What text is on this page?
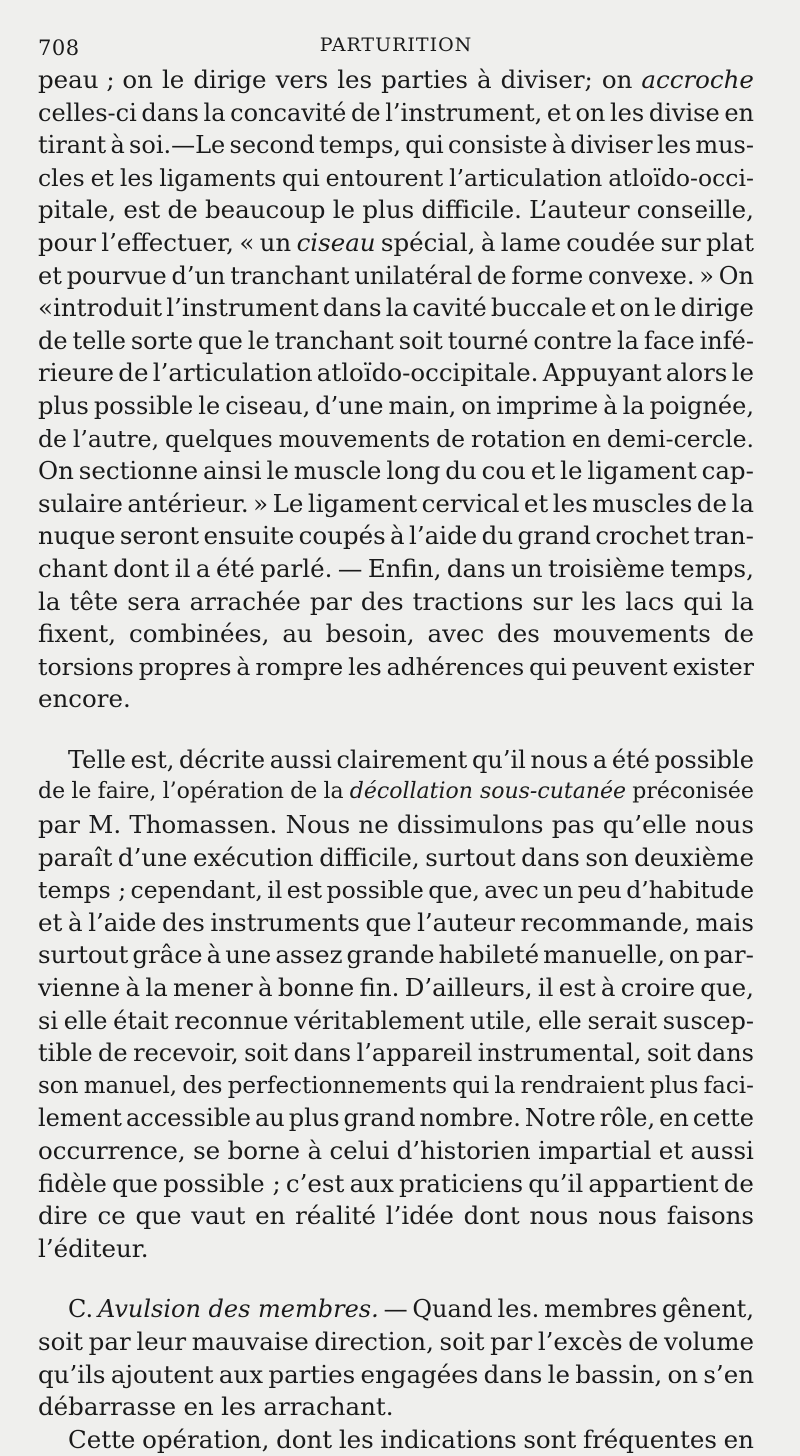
708	PARTURITION
peau ; on le dirige vers les parties à diviser; on accroche
celles-ci dans la concavité de l’instrument, et on les divise en
tirant à soi.—Le second temps, qui consiste à diviser les mus-
cles et les ligaments qui entourent l’articulation atloïdo-occi-
pitale, est de beaucoup le plus difficile. L’auteur conseille,
pour l’effectuer, « un ciseau spécial, à lame coudée sur plat
et pourvue d’un tranchant unilatéral de forme convexe. » On
«introduit l’instrument dans la cavité buccale et on le dirige
de telle sorte que le tranchant soit tourné contre la face infé-
rieure de l’articulation atloïdo-occipitale. Appuyant alors le
plus possible le ciseau, d’une main, on imprime à la poignée,
de l’autre, quelques mouvements de rotation en demi-cercle.
On sectionne ainsi le muscle long du cou et le ligament cap-
sulaire antérieur. » Le ligament cervical et les muscles de la
nuque seront ensuite coupés à l’aide du grand crochet tran-
chant dont il a été parlé. — Enfin, dans un troisième temps,
la tête sera arrachée par des tractions sur les lacs qui la
fixent, combinées, au besoin, avec des mouvements de
torsions propres à rompre les adhérences qui peuvent exister
encore.
Telle est, décrite aussi clairement qu’il nous a été possible
de le faire, l’opération de la décollation sous-cutanée préconisée
par M. Thomassen. Nous ne dissimulons pas qu’elle nous
paraît d’une exécution difficile, surtout dans son deuxième
temps ; cependant, il est possible que, avec un peu d’habitude
et à l’aide des instruments que l’auteur recommande, mais
surtout grâce à une assez grande habileté manuelle, on par-
vienne à la mener à bonne fin. D’ailleurs, il est à croire que,
si elle était reconnue véritablement utile, elle serait suscep-
tible de recevoir, soit dans l’appareil instrumental, soit dans
son manuel, des perfectionnements qui la rendraient plus faci-
lement accessible au plus grand nombre. Notre rôle, en cette
occurrence, se borne à celui d’historien impartial et aussi
fidèle que possible ; c’est aux praticiens qu’il appartient de
dire ce que vaut en réalité l’idée dont nous nous faisons
l’éditeur.
C. Avulsion des membres. — Quand les. membres gênent,
soit par leur mauvaise direction, soit par l’excès de volume
qu’ils ajoutent aux parties engagées dans le bassin, on s’en
débarrasse en les arrachant.
Cette opération, dont les indications sont fréquentes en
